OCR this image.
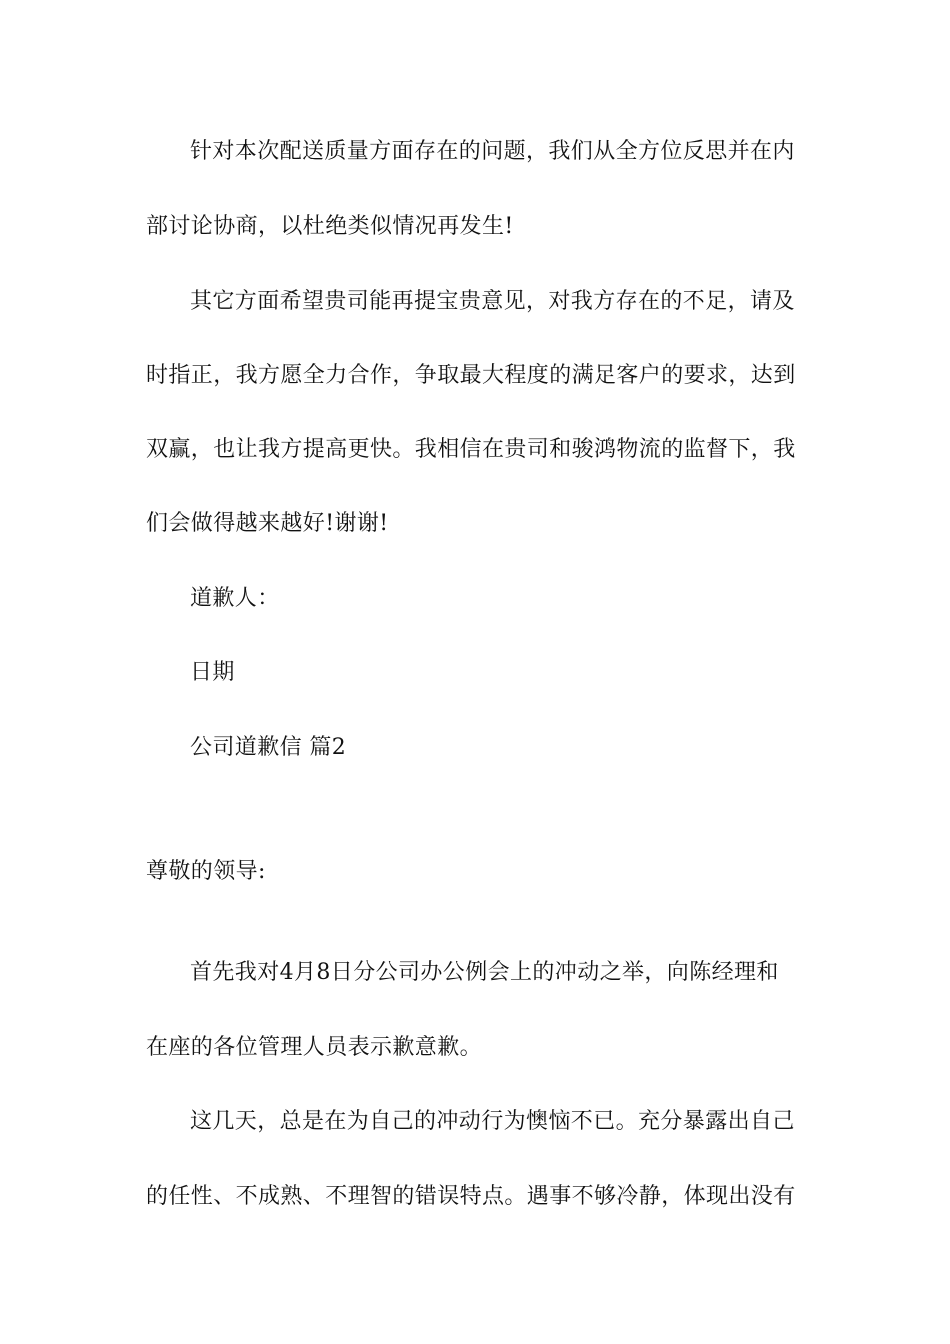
针对本次配送质量方面存在的问题，我们从全方位反思并在内
部讨论协商，以杜绝类似情况再发生!
其它方面希望贵司能再提宝贵意见，对我方存在的不足，请及
时指正，我方愿全力合作，争取最大程度的满足客户的要求，达到
双赢，也让我方提高更快。我相信在贵司和骏鸿物流的监督下，我
们会做得越来越好!谢谢!
道歉人：
日期
公司道歉信 篇2
尊敬的领导:
首先我对4月8日分公司办公例会上的冲动之举，向陈经理和
在座的各位管理人员表示歉意歉。
这几天，总是在为自己的冲动行为懊恼不已。充分暴露出自己
的任性、不成熟、不理智的错误特点。遇事不够冷静，体现出没有
